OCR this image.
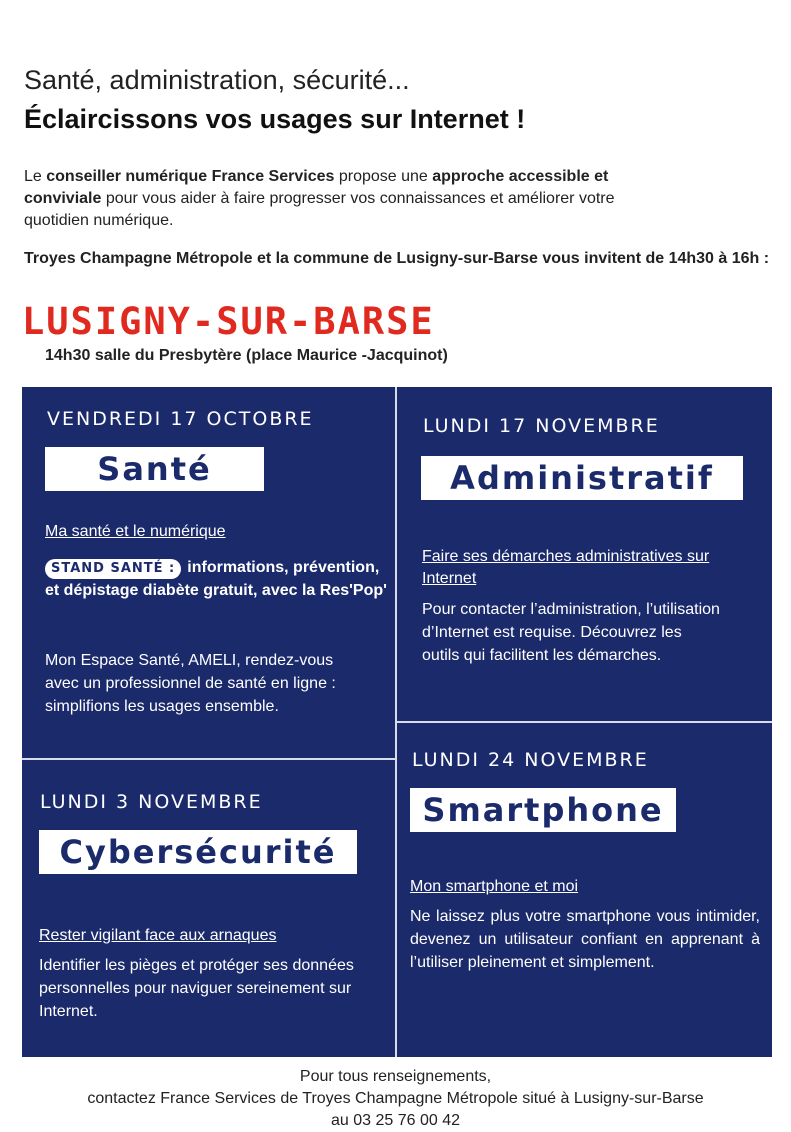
Santé, administration, sécurité...
Éclaircissons vos usages sur Internet !
Le conseiller numérique France Services propose une approche accessible et conviviale pour vous aider à faire progresser vos connaissances et améliorer votre quotidien numérique.
Troyes Champagne Métropole et la commune de Lusigny-sur-Barse vous invitent de 14h30 à 16h :
LUSIGNY-SUR-BARSE
14h30 salle du Presbytère (place Maurice -Jacquinot)
VENDREDI 17 OCTOBRE
Santé
Ma santé et le numérique
STAND SANTÉ : informations, prévention, et dépistage diabète gratuit, avec la Res'Pop'
Mon Espace Santé, AMELI, rendez-vous avec un professionnel de santé en ligne : simplifions les usages ensemble.
LUNDI 17 NOVEMBRE
Administratif
Faire ses démarches administratives sur Internet
Pour contacter l’administration, l’utilisation d’Internet est requise. Découvrez les outils qui facilitent les démarches.
LUNDI 3 NOVEMBRE
Cybersécurité
Rester vigilant face aux arnaques
Identifier les pièges et protéger ses données personnelles pour naviguer sereinement sur Internet.
LUNDI 24 NOVEMBRE
Smartphone
Mon smartphone et moi
Ne laissez plus votre smartphone vous intimider, devenez un utilisateur confiant en apprenant à l’utiliser pleinement et simplement.
Pour tous renseignements,
contactez France Services de Troyes Champagne Métropole situé à Lusigny-sur-Barse
au 03 25 76 00 42
